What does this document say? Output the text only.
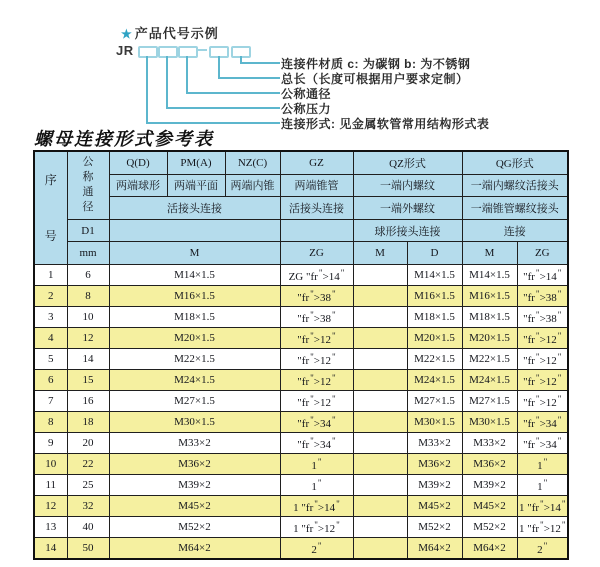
★ 产品代号示例
JR
连接件材质 c: 为碳钢 b: 为不锈钢
总长（长度可根据用户要求定制）
公称通径
公称压力
连接形式: 见金属软管常用结构形式表
螺母连接形式参考表
序号	公称通径	Q(D)	PM(A)	NZ(C)	GZ	QZ形式		QG形式	
		两端球形	两端平面	两端内锥	两端锥管	一端内螺纹		一端内螺纹活接头	
		活接头连接			活接头连接	一端外螺纹		一端锥管螺纹接头	
	D1					球形接头连接		连接	
	mm	M			ZG	M	D	M	ZG
1	6	M14×1.5			ZG "fr">14"		M14×1.5	M14×1.5	"fr">14"
2	8	M16×1.5			"fr">38"		M16×1.5	M16×1.5	"fr">38"
3	10	M18×1.5			"fr">38"		M18×1.5	M18×1.5	"fr">38"
4	12	M20×1.5			"fr">12"		M20×1.5	M20×1.5	"fr">12"
5	14	M22×1.5			"fr">12"		M22×1.5	M22×1.5	"fr">12"
6	15	M24×1.5			"fr">12"		M24×1.5	M24×1.5	"fr">12"
7	16	M27×1.5			"fr">12"		M27×1.5	M27×1.5	"fr">12"
8	18	M30×1.5			"fr">34"		M30×1.5	M30×1.5	"fr">34"
9	20	M33×2			"fr">34"		M33×2	M33×2	"fr">34"
10	22	M36×2			1"		M36×2	M36×2	1"
11	25	M39×2			1"		M39×2	M39×2	1"
12	32	M45×2			1 "fr">14"		M45×2	M45×2	1 "fr">14"
13	40	M52×2			1 "fr">12"		M52×2	M52×2	1 "fr">12"
14	50	M64×2			2"		M64×2	M64×2	2"
